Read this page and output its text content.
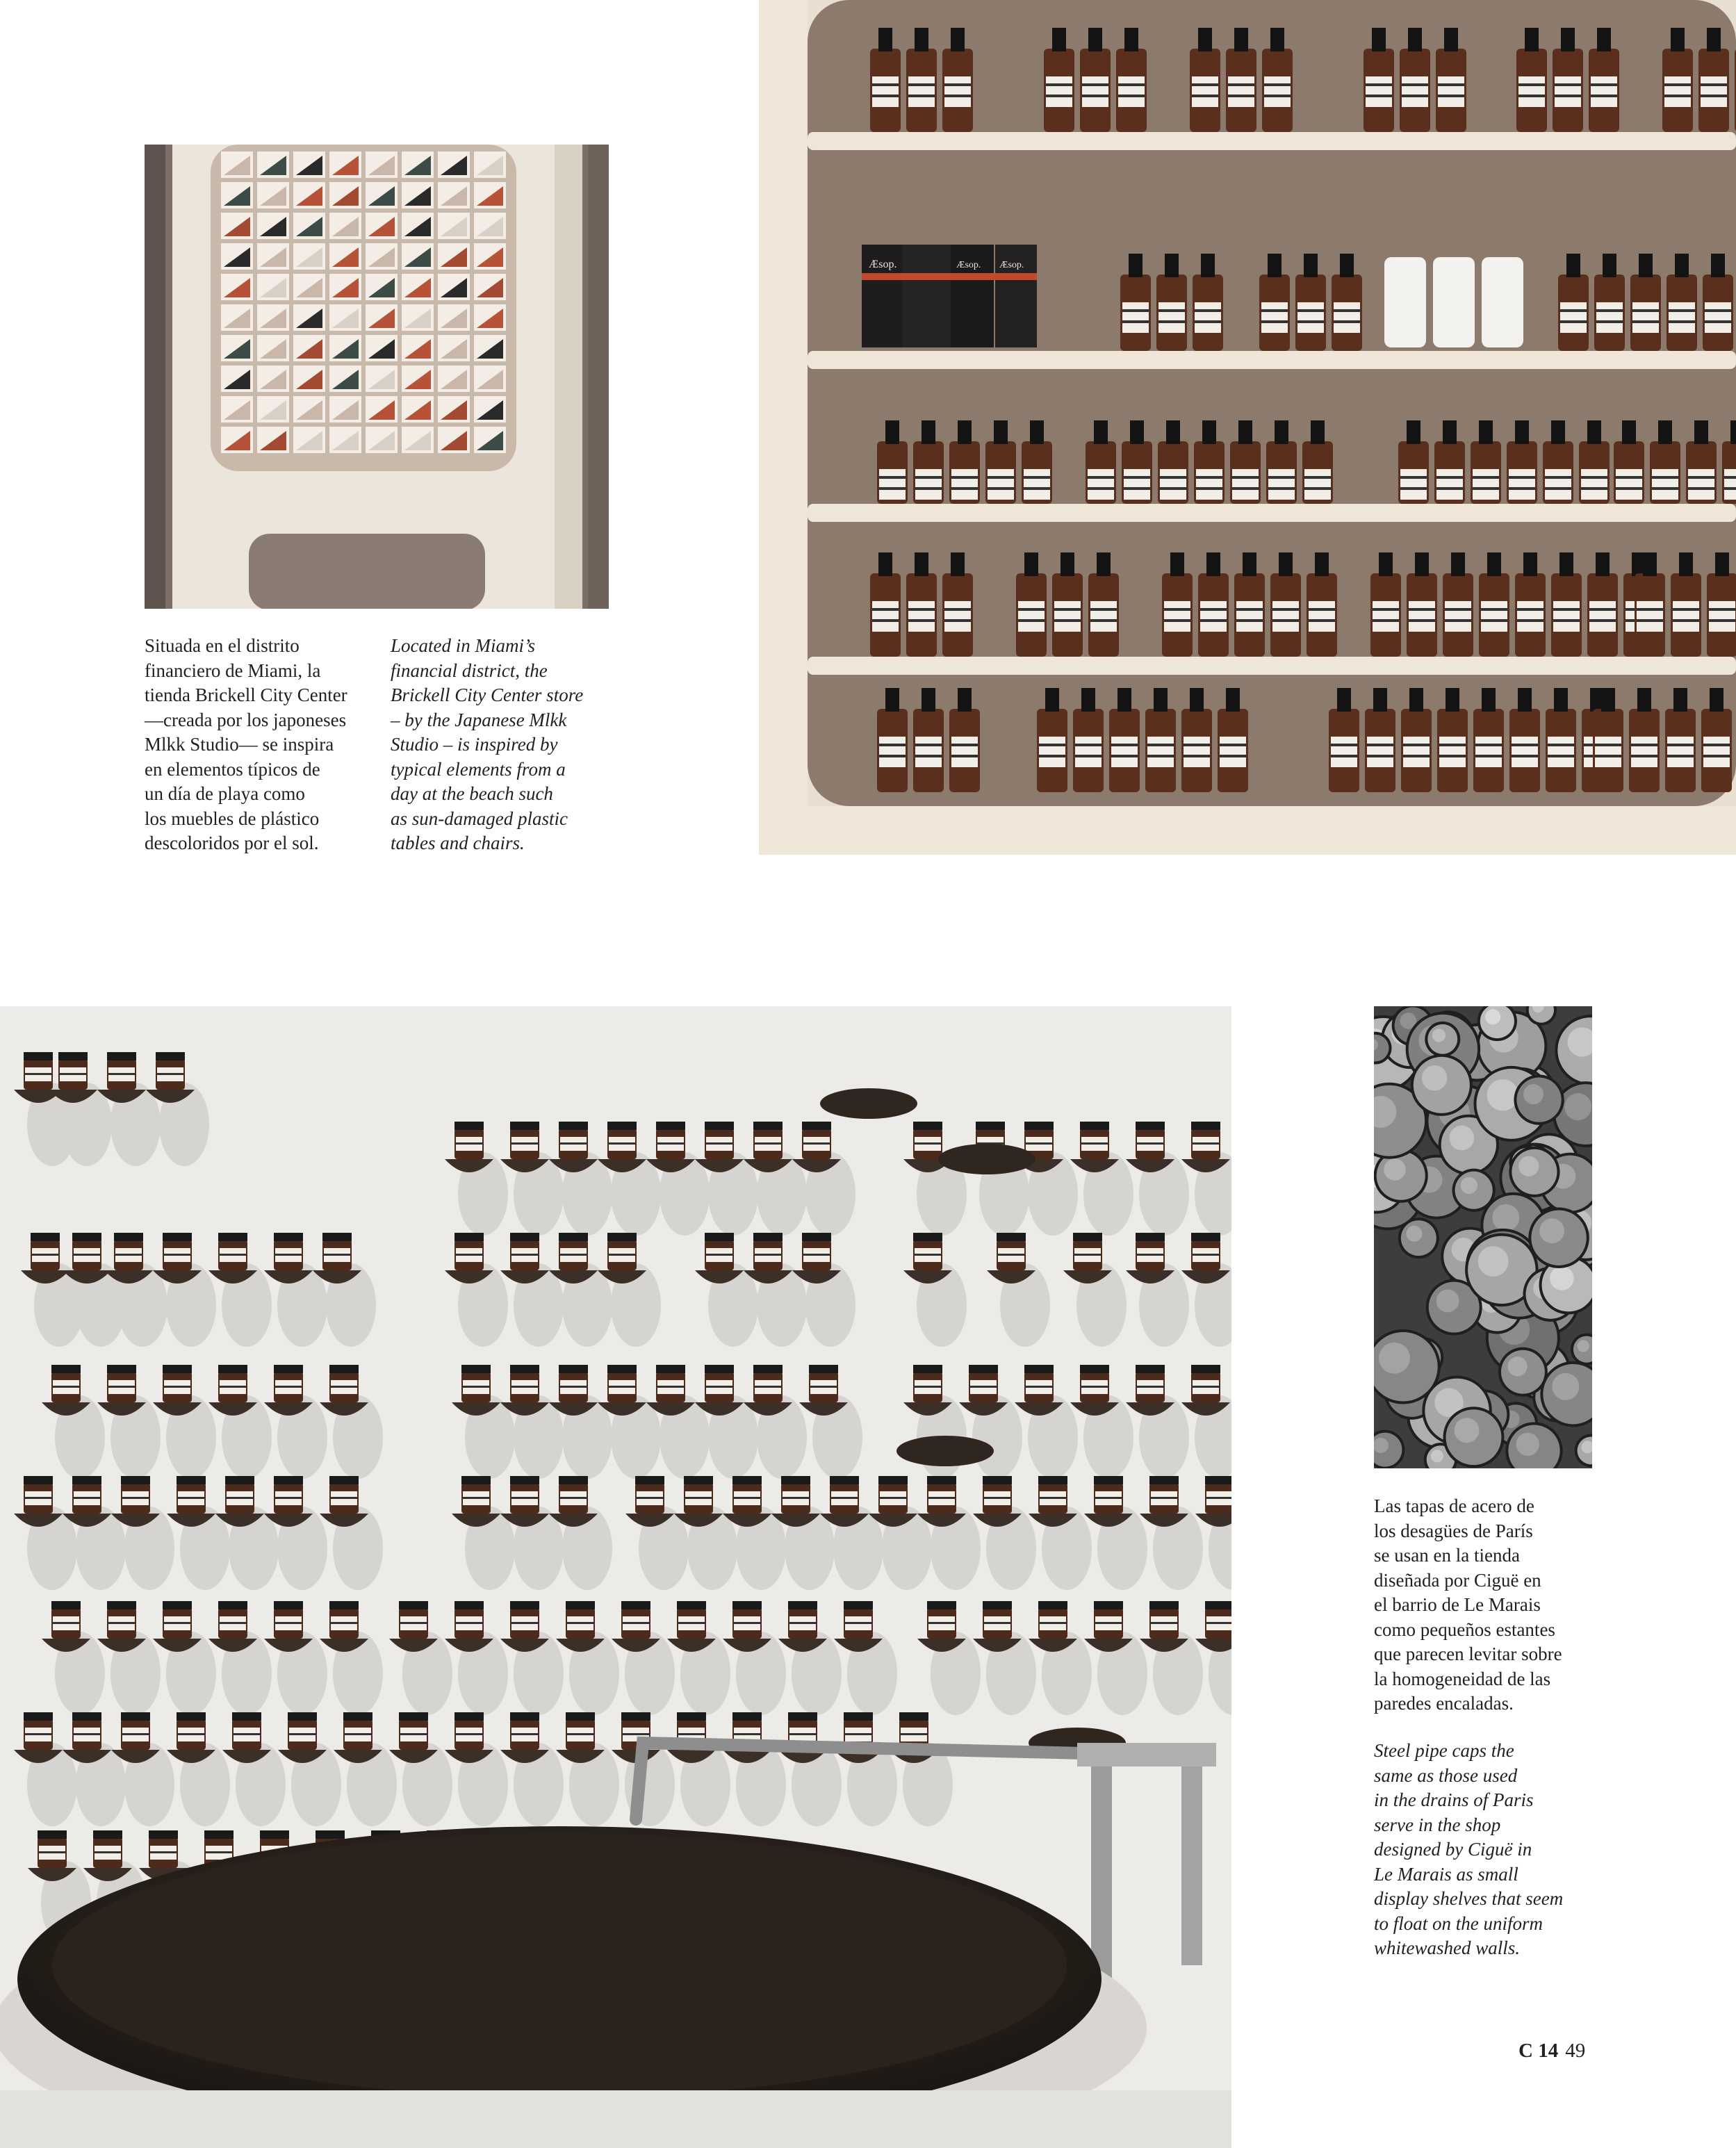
Æsop.	Æsop. Æsop.

Situada en el distrito
financiero de Miami, la
tienda Brickell City Center
—creada por los japoneses
Mlkk Studio— se inspira
en elementos típicos de
un día de playa como
los muebles de plástico
descoloridos por el sol.

Located in Miami’s
financial district, the
Brickell City Center store
– by the Japanese Mlkk
Studio – is inspired by
typical elements from a
day at the beach such
as sun-damaged plastic
tables and chairs.

Las tapas de acero de
los desagües de París
se usan en la tienda
diseñada por Ciguë en
el barrio de Le Marais
como pequeños estantes
que parecen levitar sobre
la homogeneidad de las
paredes encaladas.

Steel pipe caps the
same as those used
in the drains of Paris
serve in the shop
designed by Ciguë in
Le Marais as small
display shelves that seem
to float on the uniform
whitewashed walls.

C 14 49
